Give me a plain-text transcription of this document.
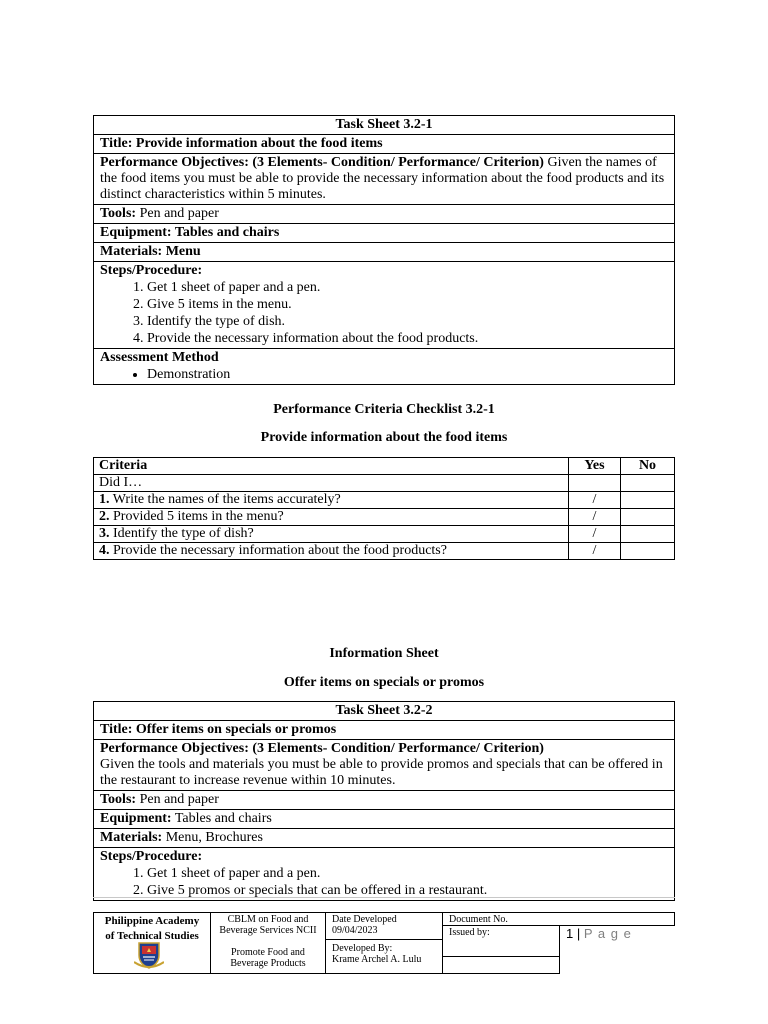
Task Sheet 3.2-1
Title: Provide information about the food items
Performance Objectives: (3 Elements- Condition/ Performance/ Criterion) Given the names of the food items you must be able to provide the necessary information about the food products and its distinct characteristics within 5 minutes.
Tools: Pen and paper
Equipment: Tables and chairs
Materials: Menu
Steps/Procedure:
1. Get 1 sheet of paper and a pen.
2. Give 5 items in the menu.
3. Identify the type of dish.
4. Provide the necessary information about the food products.

Assessment Method
• Demonstration
Performance Criteria Checklist 3.2-1
Provide information about the food items
Criteria	Yes	No
Did I…		
1. Write the names of the items accurately?	/	
2. Provided 5 items in the menu?	/	
3. Identify the type of dish?	/	
4. Provide the necessary information about the food products?	/	
Information Sheet
Offer items on specials or promos
Task Sheet 3.2-2
Title: Offer items on specials or promos
Performance Objectives: (3 Elements- Condition/ Performance/ Criterion)
Given the tools and materials you must be able to provide promos and specials that can be offered in the restaurant to increase revenue within 10 minutes.
Tools: Pen and paper
Equipment: Tables and chairs
Materials: Menu, Brochures
Steps/Procedure:
1. Get 1 sheet of paper and a pen.
2. Give 5 promos or specials that can be offered in a restaurant.
Philippine Academy
of Technical Studies
CBLM on Food and
Beverage Services NCII
Promote Food and
Beverage Products
Date Developed
09/04/2023
Developed By:
Krame Archel A. Lulu
Document No.
Issued by:	1 | P a g e
